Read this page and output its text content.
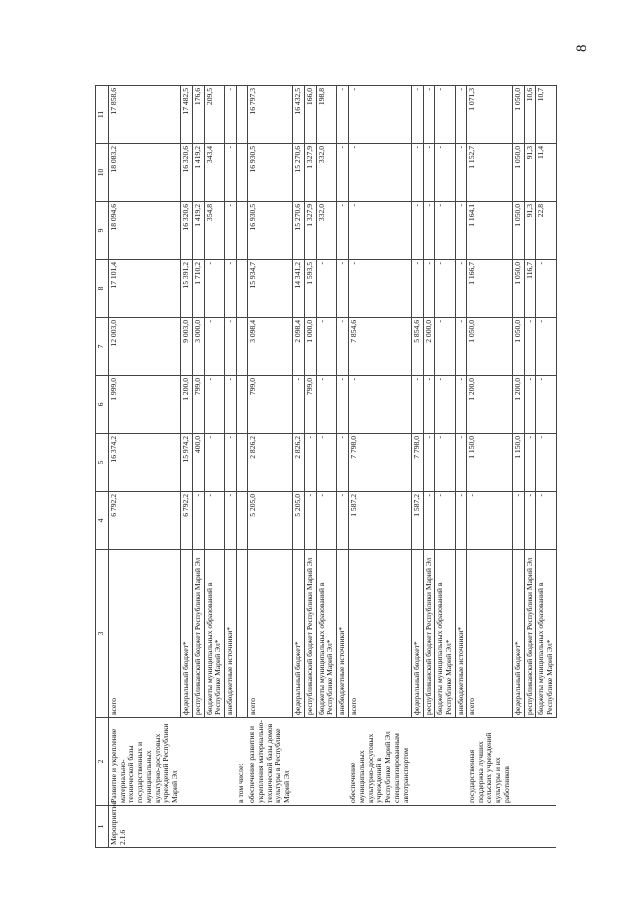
8
1	2	3	4	5	6	7	8	9	10	11
Мероприятие 2.1.6	Развитие и укрепление материально-технической базы государственных и муниципальных культурно-досуговых учреждений Республики Марий Эл	всего	6 792,2	16 374,2	1 999,0	12 003,0	17 101,4	18 094,6	18 083,2	17 858,6
		федеральный бюджет*	6 792,2	15 974,2	1 200,0	9 003,0	15 391,2	16 320,6	16 320,6	17 482,5
		республиканский бюджет Республики Марий Эл	-	400,0	799,0	3 000,0	1 710,2	1 419,2	1 419,2	176,6
		бюджеты муниципальных образований в Республике Марий Эл*	-	-	-	-	-	354,8	343,4	209,5
		внебюджетные источники*	-	-	-	-	-	-	-	-
	в том числе:									
	обеспечение развития и укрепления материально-технической базы домов культуры в Республике Марий Эл	всего	5 205,0	2 826,2	799,0	3 098,4	15 934,7	16 930,5	16 930,5	16 797,3
		федеральный бюджет*	5 205,0	2 826,2	-	2 098,4	14 341,2	15 270,6	15 270,6	16 432,5
		республиканский бюджет Республики Марий Эл	-	-	799,0	1 000,0	1 593,5	1 327,9	1 327,9	166,0
		бюджеты муниципальных образований в Республике Марий Эл*	-	-	-	-	-	332,0	332,0	198,8
		внебюджетные источники*	-	-	-	-	-	-	-	-
	обеспечение муниципальных культурно-досуговых учреждений в Республике Марий Эл специализированным автотранспортом	всего	1 587,2	7 798,0	-	7 854,6	-	-	-	-
		федеральный бюджет*	1 587,2	7 798,0	-	5 854,6	-	-	-	-
		республиканский бюджет Республики Марий Эл	-	-	-	2 000,0	-	-	-	-
		бюджеты муниципальных образований в Республике Марий Эл*	-	-	-	-	-	-	-	-
		внебюджетные источники*	-	-	-	-	-	-	-	-
	государственная поддержка лучших сельских учреждений культуры и их работников	всего	-	1 150,0	1 200,0	1 050,0	1 166,7	1 164,1	1 152,7	1 071,3
		федеральный бюджет*	-	1 150,0	1 200,0	1 050,0	1 050,0	1 050,0	1 050,0	1 050,0
		республиканский бюджет Республики Марий Эл	-	-	-	-	116,7	91,3	91,3	10,6
		бюджеты муниципальных образований в Республике Марий Эл*	-	-	-	-	-	22,8	11,4	10,7
